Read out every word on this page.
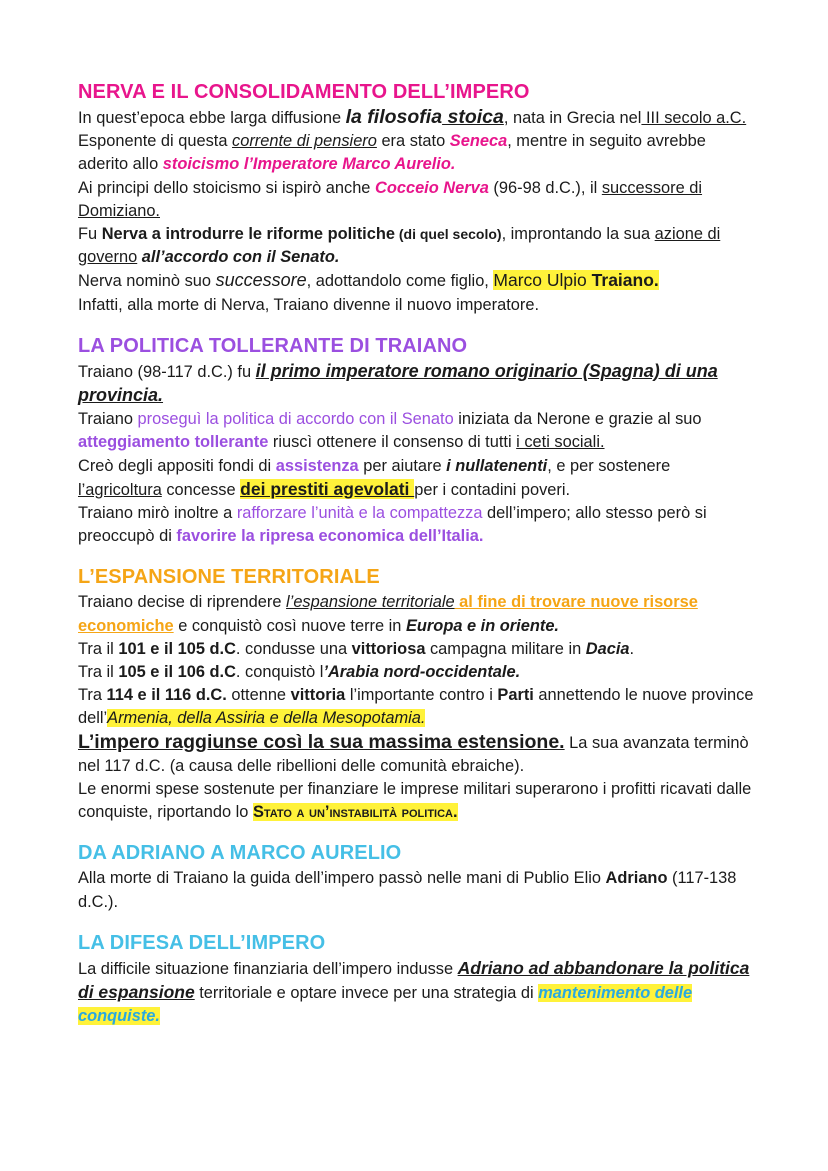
NERVA E IL CONSOLIDAMENTO DELL’IMPERO

In quest’epoca ebbe larga diffusione la filosofia stoica, nata in Grecia nel III secolo a.C.

Esponente di questa corrente di pensiero era stato Seneca, mentre in seguito avrebbe aderito allo stoicismo l’Imperatore Marco Aurelio.

Ai principi dello stoicismo si ispirò anche Cocceio Nerva (96-98 d.C.), il successore di Domiziano.

Fu Nerva a introdurre le riforme politiche (di quel secolo), improntando la sua azione di governo all’accordo con il Senato.

Nerva nominò suo successore, adottandolo come figlio, Marco Ulpio Traiano.

Infatti, alla morte di Nerva, Traiano divenne il nuovo imperatore.

LA POLITICA TOLLERANTE DI TRAIANO

Traiano (98-117 d.C.) fu il primo imperatore romano originario (Spagna) di una provincia.

Traiano proseguì la politica di accordo con il Senato iniziata da Nerone e grazie al suo atteggiamento tollerante riuscì ottenere il consenso di tutti i ceti sociali.

Creò degli appositi fondi di assistenza per aiutare i nullatenenti, e per sostenere l’agricoltura concesse dei prestiti agevolati per i contadini poveri.

Traiano mirò inoltre a rafforzare l’unità e la compattezza dell’impero; allo stesso però si preoccupò di favorire la ripresa economica dell’Italia.

L’ESPANSIONE TERRITORIALE

Traiano decise di riprendere l’espansione territoriale al fine di trovare nuove risorse economiche e conquistò così nuove terre in Europa e in oriente.

Tra il 101 e il 105 d.C. condusse una vittoriosa campagna militare in Dacia.

Tra il 105 e il 106 d.C. conquistò l’Arabia nord-occidentale.

Tra 114 e il 116 d.C. ottenne vittoria l’importante contro i Parti annettendo le nuove province dell’Armenia, della Assiria e della Mesopotamia.

L’impero raggiunse così la sua massima estensione. La sua avanzata terminò nel 117 d.C. (a causa delle ribellioni delle comunità ebraiche).

Le enormi spese sostenute per finanziare le imprese militari superarono i profitti ricavati dalle conquiste, riportando lo Stato a un’instabilità politica.

DA ADRIANO A MARCO AURELIO

Alla morte di Traiano la guida dell’impero passò nelle mani di Publio Elio Adriano (117-138 d.C.).

LA DIFESA DELL’IMPERO

La difficile situazione finanziaria dell’impero indusse Adriano ad abbandonare la politica di espansione territoriale e optare invece per una strategia di mantenimento delle conquiste.
